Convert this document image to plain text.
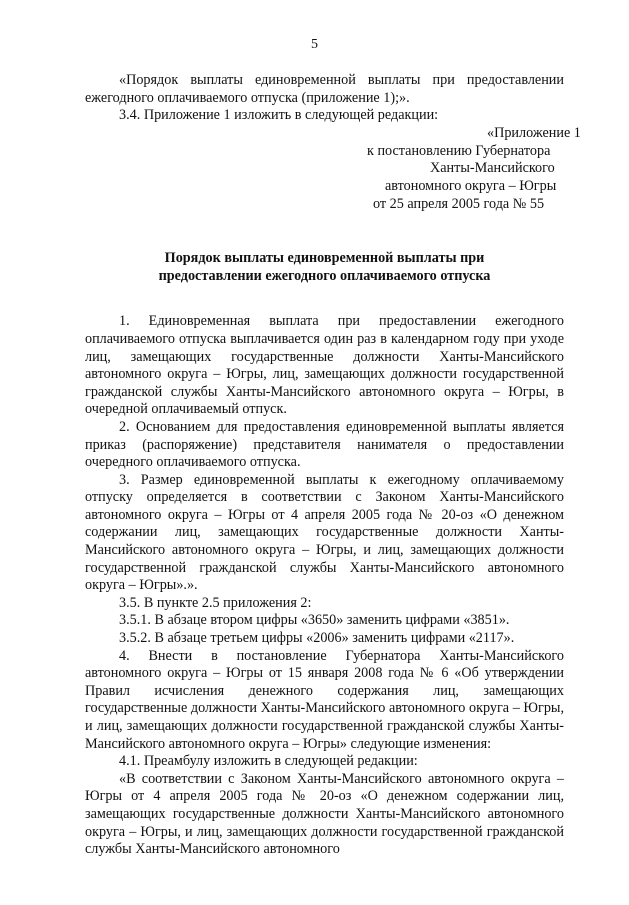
5

«Порядок выплаты единовременной выплаты при предоставлении ежегодного оплачиваемого отпуска (приложение 1);».

3.4. Приложение 1 изложить в следующей редакции:

«Приложение 1
к постановлению Губернатора
Ханты-Мансийского
автономного округа – Югры
от 25 апреля 2005 года № 55
Порядок выплаты единовременной выплаты при
предоставлении ежегодного оплачиваемого отпуска

1. Единовременная выплата при предоставлении ежегодного оплачиваемого отпуска выплачивается один раз в календарном году при уходе лиц, замещающих государственные должности Ханты-Мансийского автономного округа – Югры, лиц, замещающих должности государственной гражданской службы Ханты-Мансийского автономного округа – Югры, в очередной оплачиваемый отпуск.

2. Основанием для предоставления единовременной выплаты является приказ (распоряжение) представителя нанимателя о предоставлении очередного оплачиваемого отпуска.

3. Размер единовременной выплаты к ежегодному оплачиваемому отпуску определяется в соответствии с Законом Ханты-Мансийского автономного округа – Югры от 4 апреля 2005 года № 20-оз «О денежном содержании лиц, замещающих государственные должности Ханты-Мансийского автономного округа – Югры, и лиц, замещающих должности государственной гражданской службы Ханты-Мансийского автономного округа – Югры».».

3.5. В пункте 2.5 приложения 2:

3.5.1. В абзаце втором цифры «3650» заменить цифрами «3851».

3.5.2. В абзаце третьем цифры «2006» заменить цифрами «2117».

4. Внести в постановление Губернатора Ханты-Мансийского автономного округа – Югры от 15 января 2008 года № 6 «Об утверждении Правил исчисления денежного содержания лиц, замещающих государственные должности Ханты-Мансийского автономного округа – Югры, и лиц, замещающих должности государственной гражданской службы Ханты-Мансийского автономного округа – Югры» следующие изменения:

4.1. Преамбулу изложить в следующей редакции:

«В соответствии с Законом Ханты-Мансийского автономного округа – Югры от 4 апреля 2005 года № 20-оз «О денежном содержании лиц, замещающих государственные должности Ханты-Мансийского автономного округа – Югры, и лиц, замещающих должности государственной гражданской службы Ханты-Мансийского автономного
